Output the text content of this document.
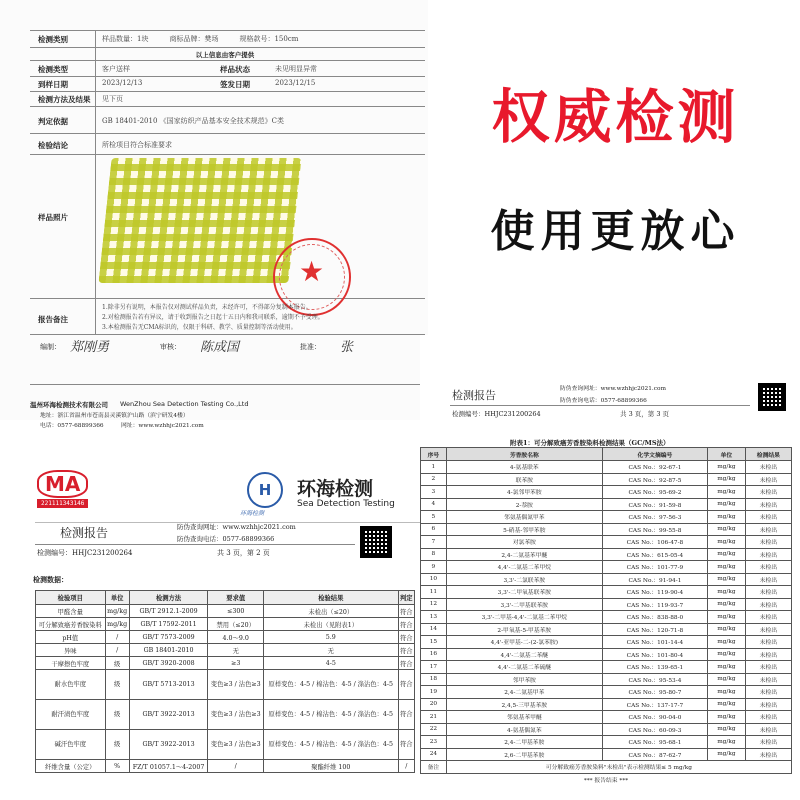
检测类别	样品数量：1块　　　商标品牌：樊场　　　规格款号：150cm
以上信息由客户提供
检测类型	客户送样	样品状态	未见明显异常
到样日期	2023/12/13	签发日期	2023/12/15
检测方法及结果 见下页
判定依据	GB 18401-2010 《国家纺织产品基本安全技术规范》C类
检验结论	所检项目符合标准要求
样品照片
★
报告备注
1.除非另有说明，本报告仅对测试样品负责，未经许可，不得部分复制本报告。
2.对检测报告若有异议，请于收到报告之日起十五日内和我司联系，逾期不予受理。
3.本检测报告无CMA标识的，仅限于科研、教学、质量控制等活动使用。
编制： 郑刚勇	审核： 陈成国	批准： 张
温州环海检测技术有限公司 WenZhou Sea Detection Testing Co.,Ltd
地址：浙江省温州市苍南县灵溪镇沪山路（滨宁研发4楼）
电话：0577-68899366　　　网址：www.wzhhjc2021.com
权威检测
使用更放心
检测报告	防伪查询网址：www.wzhhjc2021.com
防伪查询电话：0577-68899366
检测编号：HHJC231200264	共 3 页，第 3 页
附表1：可分解致癌芳香胺染料检测结果（GC/MS法）
序号	芳香胺名称	化学文摘编号	单位	检测结果
1	4-氨基联苯	CAS No.：92-67-1	mg/kg	未检出
2	联苯胺	CAS No.：92-87-5	mg/kg	未检出
3	4-氯邻甲苯胺	CAS No.：95-69-2	mg/kg	未检出
4	2-萘胺	CAS No.：91-59-8	mg/kg	未检出
5	邻氨基偶氮甲苯	CAS No.：97-56-3	mg/kg	未检出
6	5-硝基-邻甲苯胺	CAS No.：99-55-8	mg/kg	未检出
7	对氯苯胺	CAS No.：106-47-8	mg/kg	未检出
8	2,4-二氨基苯甲醚	CAS No.：615-05-4	mg/kg	未检出
9	4,4'-二氨基二苯甲烷	CAS No.：101-77-9	mg/kg	未检出
10	3,3'-二氯联苯胺	CAS No.：91-94-1	mg/kg	未检出
11	3,3'-二甲氧基联苯胺	CAS No.：119-90-4	mg/kg	未检出
12	3,3'-二甲基联苯胺	CAS No.：119-93-7	mg/kg	未检出
13	3,3'-二甲基-4,4'-二氨基二苯甲烷	CAS No.：838-88-0	mg/kg	未检出
14	2-甲氧基-5-甲基苯胺	CAS No.：120-71-8	mg/kg	未检出
15	4,4'-亚甲基-二-(2-氯苯胺)	CAS No.：101-14-4	mg/kg	未检出
16	4,4'-二氨基二苯醚	CAS No.：101-80-4	mg/kg	未检出
17	4,4'-二氨基二苯硫醚	CAS No.：139-65-1	mg/kg	未检出
18	邻甲苯胺	CAS No.：95-53-4	mg/kg	未检出
19	2,4-二氨基甲苯	CAS No.：95-80-7	mg/kg	未检出
20	2,4,5-三甲基苯胺	CAS No.：137-17-7	mg/kg	未检出
21	邻氨基苯甲醚	CAS No.：90-04-0	mg/kg	未检出
22	4-氨基偶氮苯	CAS No.：60-09-3	mg/kg	未检出
23	2,4-二甲基苯胺	CAS No.：95-68-1	mg/kg	未检出
24	2,6-二甲基苯胺	CAS No.：87-62-7	mg/kg	未检出
备注	可分解致癌芳香胺染料"未检出"表示检测结果≤ 5 mg/kg			
*** 报告结束 ***				
MA
221111343146
H
环海检测
环海检测
Sea Detection Testing
检测报告	防伪查询网址：www.wzhhjc2021.com
防伪查询电话：0577-68899366
检测编号：HHJC231200264	共 3 页，第 2 页
检测数据：
检验项目	单位	检测方法	要求值	检验结果	判定
甲醛含量	mg/kg	GB/T 2912.1-2009	≤300	未检出（≤20）	符合
可分解致癌芳香胺染料	mg/kg	GB/T 17592-2011	禁用（≤20）	未检出（见附表1）	符合
pH值	/	GB/T 7573-2009	4.0～9.0	5.9	符合
异味	/	GB 18401-2010	无	无	符合
干摩擦色牢度	级	GB/T 3920-2008	≥3	4-5	符合
耐水色牢度	级	GB/T 5713-2013	变色≥3 / 沾色≥3	原样变色：4-5 / 棉沾色：4-5 / 涤沾色：4-5	符合
耐汗渍色牢度	级	GB/T 3922-2013	变色≥3 / 沾色≥3	原样变色：4-5 / 棉沾色：4-5 / 涤沾色：4-5	符合
碱汗色牢度	级	GB/T 3922-2013	变色≥3 / 沾色≥3	原样变色：4-5 / 棉沾色：4-5 / 涤沾色：4-5	符合
纤维含量（公定）	%	FZ/T 01057.1～4-2007	/	聚酯纤维 100	/
